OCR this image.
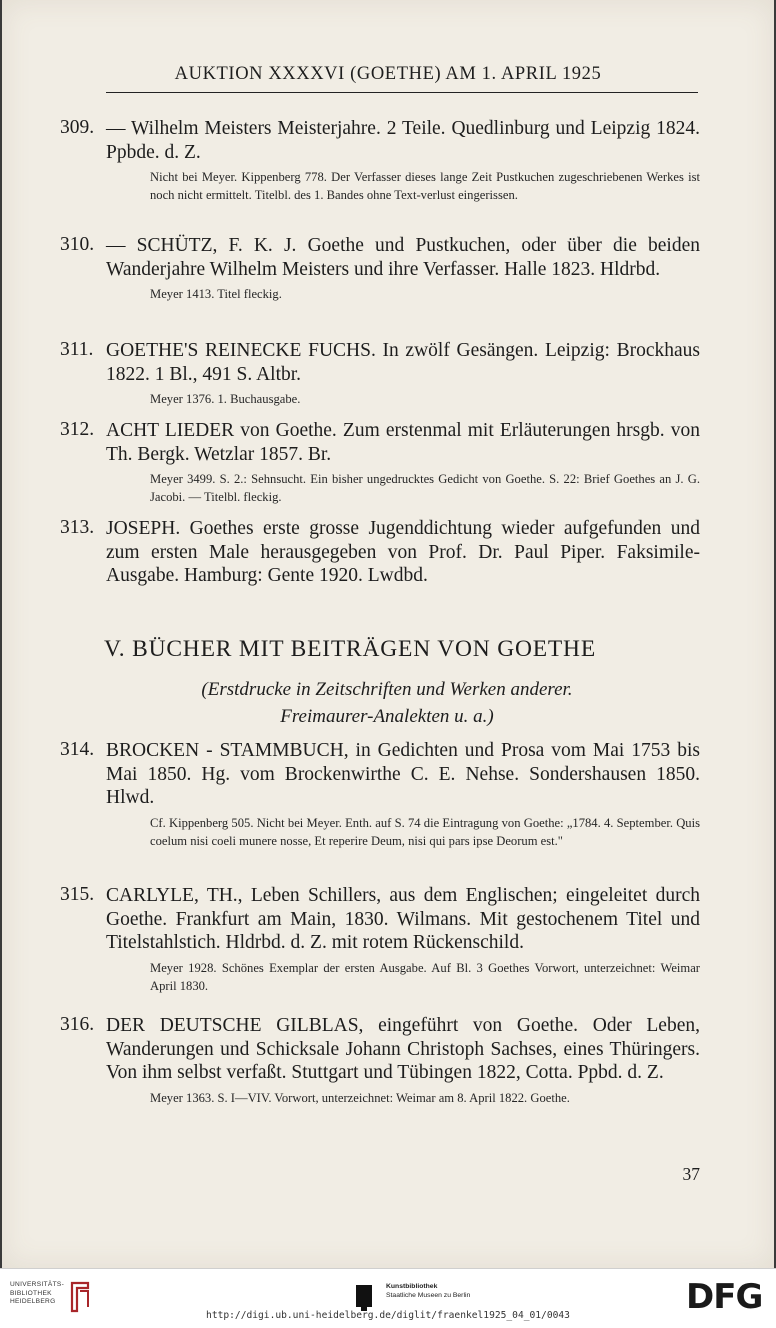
AUKTION XXXXVI (GOETHE) AM 1. APRIL 1925
309. — Wilhelm Meisters Meisterjahre. 2 Teile. Quedlinburg und Leipzig 1824. Ppbde. d. Z.
Nicht bei Meyer. Kippenberg 778. Der Verfasser dieses lange Zeit Pustkuchen zugeschriebenen Werkes ist noch nicht ermittelt. Titelbl. des 1. Bandes ohne Text-verlust eingerissen.
310. — SCHÜTZ, F. K. J. Goethe und Pustkuchen, oder über die beiden Wanderjahre Wilhelm Meisters und ihre Verfasser. Halle 1823. Hldrbd.
Meyer 1413. Titel fleckig.
311. GOETHE'S REINECKE FUCHS. In zwölf Gesängen. Leipzig: Brockhaus 1822. 1 Bl., 491 S. Altbr.
Meyer 1376. 1. Buchausgabe.
312. ACHT LIEDER von Goethe. Zum erstenmal mit Erläuterungen hrsgb. von Th. Bergk. Wetzlar 1857. Br.
Meyer 3499. S. 2.: Sehnsucht. Ein bisher ungedrucktes Gedicht von Goethe. S. 22: Brief Goethes an J. G. Jacobi. — Titelbl. fleckig.
313. JOSEPH. Goethes erste grosse Jugenddichtung wieder aufgefunden und zum ersten Male herausgegeben von Prof. Dr. Paul Piper. Faksimile-Ausgabe. Hamburg: Gente 1920. Lwdbd.
V. BÜCHER MIT BEITRÄGEN VON GOETHE
(Erstdrucke in Zeitschriften und Werken anderer.
Freimaurer-Analekten u. a.)
314. BROCKEN - STAMMBUCH, in Gedichten und Prosa vom Mai 1753 bis Mai 1850. Hg. vom Brockenwirthe C. E. Nehse. Sondershausen 1850. Hlwd.
Cf. Kippenberg 505. Nicht bei Meyer. Enth. auf S. 74 die Eintragung von Goethe: „1784. 4. September. Quis coelum nisi coeli munere nosse, Et reperire Deum, nisi qui pars ipse Deorum est."
315. CARLYLE, TH., Leben Schillers, aus dem Englischen; eingeleitet durch Goethe. Frankfurt am Main, 1830. Wilmans. Mit gestochenem Titel und Titelstahlstich. Hldrbd. d. Z. mit rotem Rückenschild.
Meyer 1928. Schönes Exemplar der ersten Ausgabe. Auf Bl. 3 Goethes Vorwort, unterzeichnet: Weimar April 1830.
316. DER DEUTSCHE GILBLAS, eingeführt von Goethe. Oder Leben, Wanderungen und Schicksale Johann Christoph Sachses, eines Thüringers. Von ihm selbst verfaßt. Stuttgart und Tübingen 1822, Cotta. Ppbd. d. Z.
Meyer 1363. S. I—VIV. Vorwort, unterzeichnet: Weimar am 8. April 1822. Goethe.
37
UNIVERSITÄTS-
BIBLIOTHEK
HEIDELBERG
Kunstbibliothek
Staatliche Museen zu Berlin	DFG
http://digi.ub.uni-heidelberg.de/diglit/fraenkel1925_04_01/0043
